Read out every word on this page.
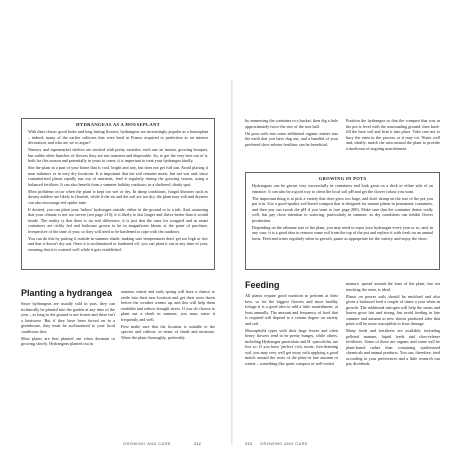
HYDRANGEAS AS A HOUSEPLANT

With their classic good looks and long lasting flowers, hydrangeas are increasingly popular as a houseplant – indeed, many of the earlier cultivars that were bred in France acquired to perfection as an interior decoration, and who are we to argue?

Nursery and supermarket shelves are stocked with pretty varieties, each one an instant, growing bouquet, but unlike other bunches of flowers they are not transient and disposable. So, to get the very best out of it, both for this season and potentially in years to come, it is important to treat your hydrangea kindly.

Site the plant in a part of your home that is cool, bright and airy, but does not get full sun. Avoid placing it near radiators or in very dry locations. It is important that the soil remains moist, but not wet and, since containerized plants rapidly run out of nutrients, feed it regularly during the growing season, using a balanced fertilizer. It can also benefit from a summer holiday outdoors, in a sheltered, shady spot.

Most problems occur when the plant is kept too wet or dry. In damp conditions, fungal diseases such as downy mildew are likely to flourish, while if the air and the soil are too dry, the plant may wilt and dryness can also encourage red spider mite.

If desired, you can plant your 'indoor' hydrangea outside, either in the ground or in a tub. And, assuming that your climate is not too severe (see page 210), it is likely to last longer and thrive better than it would inside. The reality is that there is no real difference, it is just that the ones for wrapped and in smart containers are richly fed and hothouse grown to be in magnificent bloom at the point of purchase, irrespective of the time of year, so they will need to be hardened to cope with the outdoors.

You can do this by putting it outside in summer shade, making sure temperatures don't get too high or low and that it doesn't dry out. Once it is acclimatized or hardened off, you can plant it out at any time of year, ensuring that it is watered well while it gets established.

Planting a hydrangea

Since hydrangeas are usually sold in pots, they can technically be planted into the garden at any time of the year – as long as the ground is not frozen and there isn't a heatwave. But if they have been forced on in a greenhouse, they must be acclimatized to your local conditions first.

Most plants are best planted out when dormant or growing slowly. Hydrangeas planted out in

autumn, winter and early spring will have a chance to settle into their new location and get their roots down before the weather warms up, and this will help them establish and reduce drought stress. If you do choose to plant out a shrub in summer, you must water it frequently and well.

First make sure that the location is suitable to the species and cultivar, in terms of shade and moisture. Water the plant thoroughly, preferably

GROWING AND CARE	212

by immersing the container in a bucket, then dig a hole approximately twice the size of the root ball.

On poor soils mix some additional organic matter into the earth that you have dug out, and a handful of your preferred slow-release fertilizer can be beneficial.

Position the hydrangea so that the compost that was in the pot is level with the surrounding ground, then back-fill the base soil and firm it into place. Take care not to bury the stem in the process or it may rot. Water well and, ideally, mulch the area around the plant to provide a modicum of ongoing nourishment.

GROWING IN POTS

Hydrangeas can be grown very successfully in containers and look great on a deck or either side of an entrance. It can also be a good way to cheat the local soil pH and get the flower colour you want.

The important thing is to pick a variety that does grow too large, and don't skimp on the size of the pot you put it in. Use a good-quality soil-based compost that is designed for mature plants in permanent containers, and then you can tweak the pH if you want to (see page 200). Make sure that the container drains really well, but pay close attention to watering, particularly in summer, as dry conditions can inhibit flower production.

Depending on the ultimate size of the plant, you may need to repot your hydrangea every year or so, and, in any case, it is a good idea to remove some soil from the top of the pot and replace it with fresh on an annual basis. Feed and water regularly when in growth, prune as appropriate for the variety, and enjoy the show.

Feeding

All plants require good nutrition to perform at their best, so for the biggest flowers and most healthy foliage it is a good idea to add a little nourishment, at least annually. The amount and frequency of food that is required will depend to a certain degree on variety and soil.

Macrophylla types with their large leaves and often heavy flowers tend to be pretty hungry, while others, including Hydrangea paniculata and H. quercifolia, are less so. If you have 'perfect' rich, moist, free-draining soil, you may very well get away with applying a good mulch around the roots of the plant in late autumn or winter – something like spent compost or well-rotted

manure, spread around the base of the plant, but not touching the stem, is ideal.

Plants on poorer soils should be mulched and also given a balanced feed a couple of times a year when in growth. The additional nitrogen will help the stems and leaves grow fast and strong, but avoid feeding in late summer and autumn as new shoots produced after that point will be more susceptible to frost damage.

Many feeds and fertilizers are available, including pelleted manure, liquid feeds and slow-release fertilizers. Some of these are organic and some will be plant-based rather than containing synthesized chemicals and animal products. You can, therefore, feed according to your preferences and a little research can pay dividends.

213 GROWING AND CARE
